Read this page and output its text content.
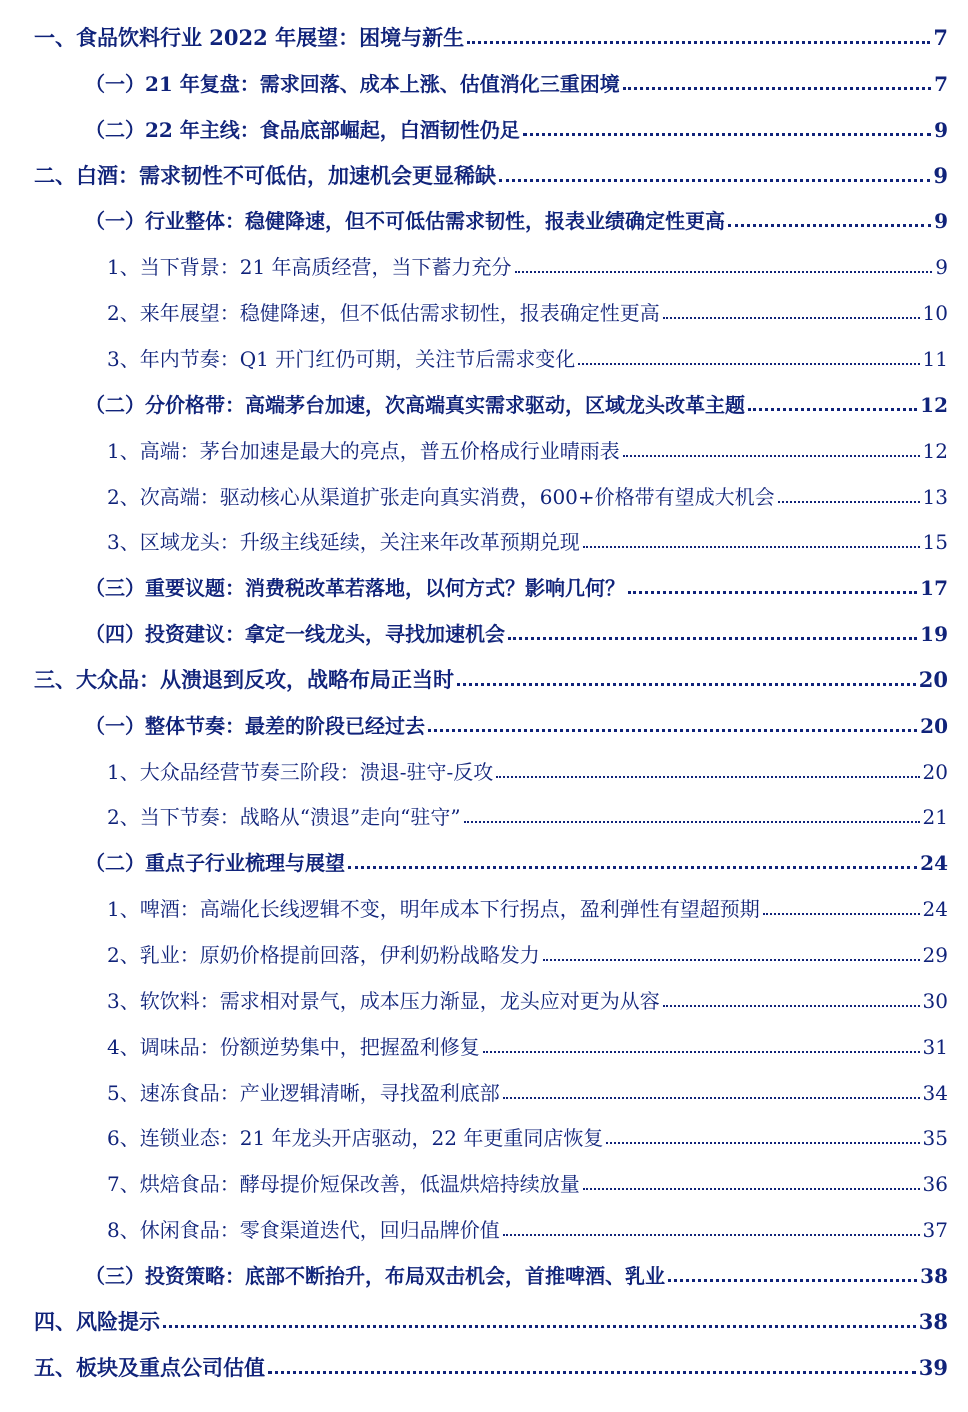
一、食品饮料行业 2022 年展望：困境与新生	7
（一）21 年复盘：需求回落、成本上涨、估值消化三重困境	7
（二）22 年主线：食品底部崛起，白酒韧性仍足	9
二、白酒：需求韧性不可低估，加速机会更显稀缺	9
（一）行业整体：稳健降速，但不可低估需求韧性，报表业绩确定性更高	9
1、当下背景：21 年高质经营，当下蓄力充分	9
2、来年展望：稳健降速，但不低估需求韧性，报表确定性更高	10
3、年内节奏：Q1 开门红仍可期，关注节后需求变化	11
（二）分价格带：高端茅台加速，次高端真实需求驱动，区域龙头改革主题	12
1、高端：茅台加速是最大的亮点，普五价格成行业晴雨表	12
2、次高端：驱动核心从渠道扩张走向真实消费，600+价格带有望成大机会	13
3、区域龙头：升级主线延续，关注来年改革预期兑现	15
（三）重要议题：消费税改革若落地，以何方式？影响几何？	17
（四）投资建议：拿定一线龙头，寻找加速机会	19
三、大众品：从溃退到反攻，战略布局正当时	20
（一）整体节奏：最差的阶段已经过去	20
1、大众品经营节奏三阶段：溃退-驻守-反攻	20
2、当下节奏：战略从“溃退”走向“驻守”	21
（二）重点子行业梳理与展望	24
1、啤酒：高端化长线逻辑不变，明年成本下行拐点，盈利弹性有望超预期	24
2、乳业：原奶价格提前回落，伊利奶粉战略发力	29
3、软饮料：需求相对景气，成本压力渐显，龙头应对更为从容	30
4、调味品：份额逆势集中，把握盈利修复	31
5、速冻食品：产业逻辑清晰，寻找盈利底部	34
6、连锁业态：21 年龙头开店驱动，22 年更重同店恢复	35
7、烘焙食品：酵母提价短保改善，低温烘焙持续放量	36
8、休闲食品：零食渠道迭代，回归品牌价值	37
（三）投资策略：底部不断抬升，布局双击机会，首推啤酒、乳业	38
四、风险提示	38
五、板块及重点公司估值	39
